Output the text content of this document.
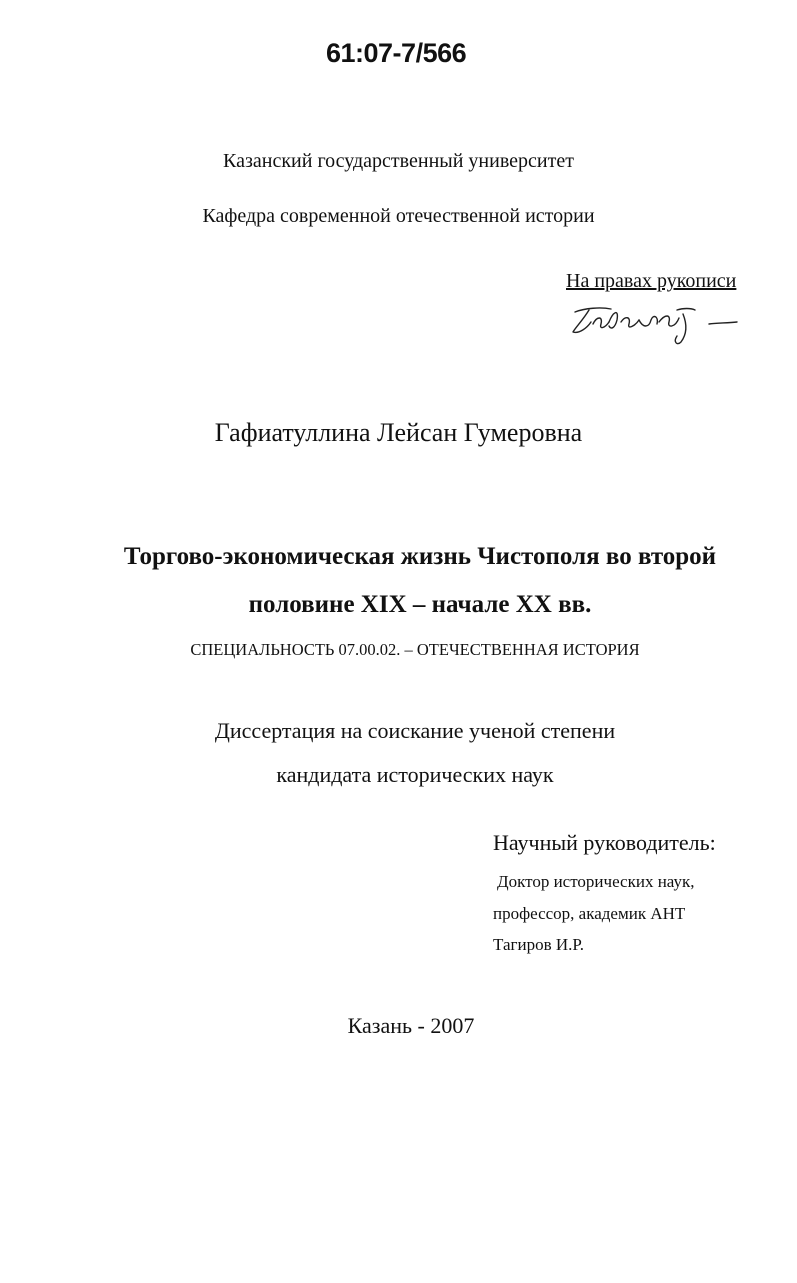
61:07-7/566
Казанский государственный университет
Кафедра современной отечественной истории
На правах рукописи
Гафиатуллина Лейсан Гумеровна
Торгово-экономическая жизнь Чистополя во второй
половине XIX – начале XX вв.
СПЕЦИАЛЬНОСТЬ 07.00.02. – ОТЕЧЕСТВЕННАЯ ИСТОРИЯ
Диссертация на соискание ученой степени
кандидата исторических наук
Научный руководитель:
Доктор исторических наук,
профессор, академик АНТ
Тагиров И.Р.
Казань - 2007
